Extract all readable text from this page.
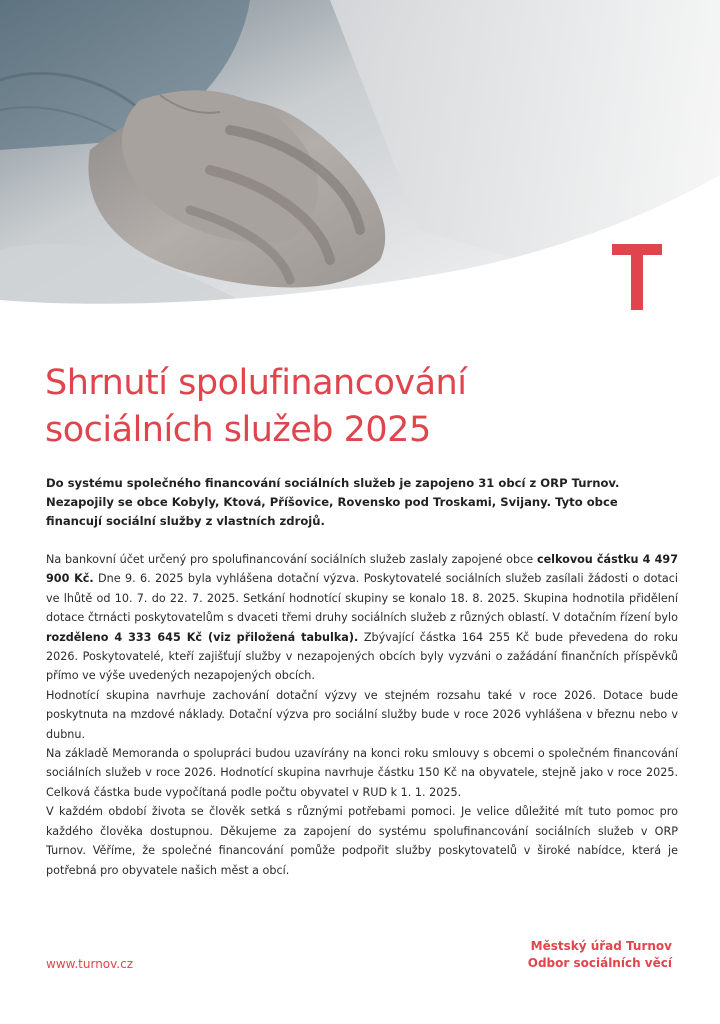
Shrnutí spolufinancování
sociálních služeb 2025

Do systému společného financování sociálních služeb je zapojeno 31 obcí z ORP Turnov. Nezapojily se obce Kobyly, Ktová, Příšovice, Rovensko pod Troskami, Svijany. Tyto obce financují sociální služby z vlastních zdrojů.

Na bankovní účet určený pro spolufinancování sociálních služeb zaslaly zapojené obce celkovou částku 4 497 900 Kč. Dne 9. 6. 2025 byla vyhlášena dotační výzva. Poskytovatelé sociálních služeb zasílali žádosti o dotaci ve lhůtě od 10. 7. do 22. 7. 2025. Setkání hodnotící skupiny se konalo 18. 8. 2025. Skupina hodnotila přidělení dotace čtrnácti poskytovatelům s dvaceti třemi druhy sociálních služeb z různých oblastí. V dotačním řízení bylo rozděleno 4 333 645 Kč (viz přiložená tabulka). Zbývající částka 164 255 Kč bude převedena do roku 2026. Poskytovatelé, kteří zajišťují služby v nezapojených obcích byly vyzváni o zažádání finančních příspěvků přímo ve výše uvedených nezapojených obcích.

Hodnotící skupina navrhuje zachování dotační výzvy ve stejném rozsahu také v roce 2026. Dotace bude poskytnuta na mzdové náklady. Dotační výzva pro sociální služby bude v roce 2026 vyhlášena v březnu nebo v dubnu.

Na základě Memoranda o spolupráci budou uzavírány na konci roku smlouvy s obcemi o společném financování sociálních služeb v roce 2026. Hodnotící skupina navrhuje částku 150 Kč na obyvatele, stejně jako v roce 2025. Celková částka bude vypočítaná podle počtu obyvatel v RUD k 1. 1. 2025.

V každém období života se člověk setká s různými potřebami pomoci. Je velice důležité mít tuto pomoc pro každého člověka dostupnou. Děkujeme za zapojení do systému spolufinancování sociálních služeb v ORP Turnov. Věříme, že společné financování pomůže podpořit služby poskytovatelů v široké nabídce, která je potřebná pro obyvatele našich měst a obcí.

www.turnov.cz
Městský úřad Turnov
Odbor sociálních věcí
